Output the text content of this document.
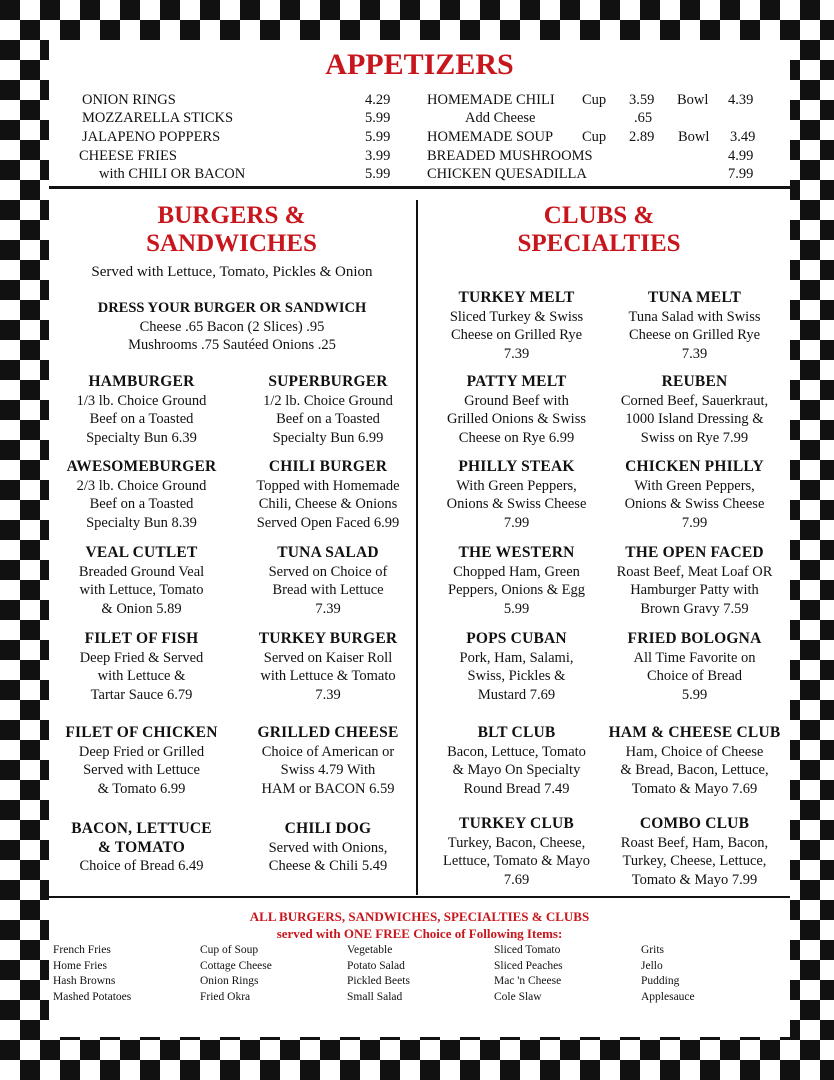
APPETIZERS
ONION RINGS	4.29
MOZZARELLA STICKS	5.99
JALAPENO POPPERS	5.99
CHEESE FRIES	3.99
with CHILI OR BACON	5.99
HOMEMADE CHILI Cup 3.59 Bowl 4.39
Add Cheese	.65
HOMEMADE SOUP Cup 2.89 Bowl 3.49
BREADED MUSHROOMS	4.99
CHICKEN QUESADILLA	7.99
BURGERS &
SANDWICHES
Served with Lettuce, Tomato, Pickles & Onion
DRESS YOUR BURGER OR SANDWICH
Cheese .65 Bacon (2 Slices) .95
Mushrooms .75 Sautéed Onions .25
HAMBURGER
1/3 lb. Choice Ground
Beef on a Toasted
Specialty Bun 6.39
SUPERBURGER
1/2 lb. Choice Ground
Beef on a Toasted
Specialty Bun 6.99
AWESOMEBURGER
2/3 lb. Choice Ground
Beef on a Toasted
Specialty Bun 8.39
CHILI BURGER
Topped with Homemade
Chili, Cheese & Onions
Served Open Faced 6.99
VEAL CUTLET
Breaded Ground Veal
with Lettuce, Tomato
& Onion 5.89
TUNA SALAD
Served on Choice of
Bread with Lettuce
7.39
FILET OF FISH
Deep Fried & Served
with Lettuce &
Tartar Sauce 6.79
TURKEY BURGER
Served on Kaiser Roll
with Lettuce & Tomato
7.39
FILET OF CHICKEN
Deep Fried or Grilled
Served with Lettuce
& Tomato 6.99
GRILLED CHEESE
Choice of American or
Swiss 4.79 With
HAM or BACON 6.59
BACON, LETTUCE
& TOMATO
Choice of Bread 6.49
CHILI DOG
Served with Onions,
Cheese & Chili 5.49
CLUBS &
SPECIALTIES
TURKEY MELT
Sliced Turkey & Swiss
Cheese on Grilled Rye
7.39
TUNA MELT
Tuna Salad with Swiss
Cheese on Grilled Rye
7.39
PATTY MELT
Ground Beef with
Grilled Onions & Swiss
Cheese on Rye 6.99
REUBEN
Corned Beef, Sauerkraut,
1000 Island Dressing &
Swiss on Rye 7.99
PHILLY STEAK
With Green Peppers,
Onions & Swiss Cheese
7.99
CHICKEN PHILLY
With Green Peppers,
Onions & Swiss Cheese
7.99
THE WESTERN
Chopped Ham, Green
Peppers, Onions & Egg
5.99
THE OPEN FACED
Roast Beef, Meat Loaf OR
Hamburger Patty with
Brown Gravy 7.59
POPS CUBAN
Pork, Ham, Salami,
Swiss, Pickles &
Mustard 7.69
FRIED BOLOGNA
All Time Favorite on
Choice of Bread
5.99
BLT CLUB
Bacon, Lettuce, Tomato
& Mayo On Specialty
Round Bread 7.49
HAM & CHEESE CLUB
Ham, Choice of Cheese
& Bread, Bacon, Lettuce,
Tomato & Mayo 7.69
TURKEY CLUB
Turkey, Bacon, Cheese,
Lettuce, Tomato & Mayo
7.69
COMBO CLUB
Roast Beef, Ham, Bacon,
Turkey, Cheese, Lettuce,
Tomato & Mayo 7.99
ALL BURGERS, SANDWICHES, SPECIALTIES & CLUBS
served with ONE FREE Choice of Following Items:
French Fries
Home Fries
Hash Browns
Mashed Potatoes
Cup of Soup
Cottage Cheese
Onion Rings
Fried Okra
Vegetable
Potato Salad
Pickled Beets
Small Salad
Sliced Tomato
Sliced Peaches
Mac 'n Cheese
Cole Slaw
Grits
Jello
Pudding
Applesauce
